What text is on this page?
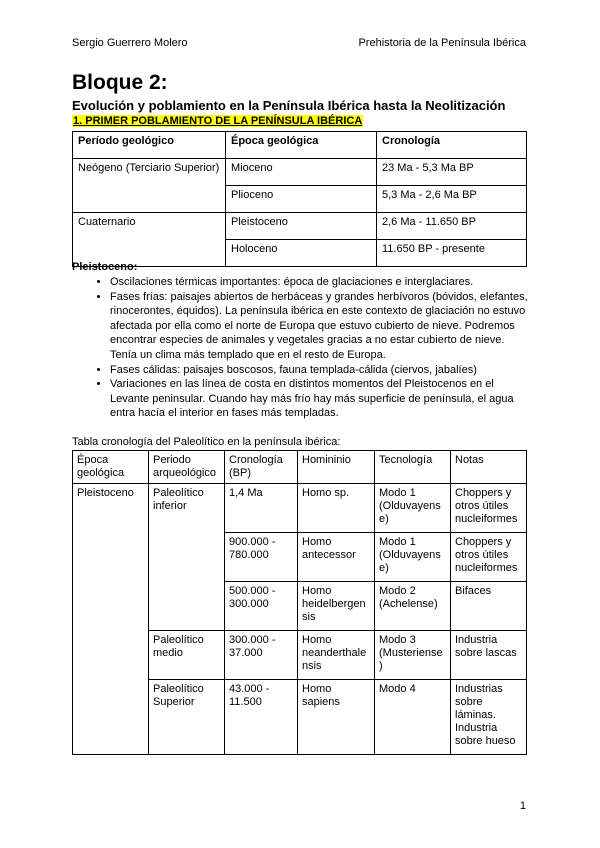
Sergio Guerrero Molero	Prehistoria de la Península Ibérica
Bloque 2:
Evolución y poblamiento en la Península Ibérica hasta la Neolitización
1. PRIMER POBLAMIENTO DE LA PENÍNSULA IBÉRICA
Período geológico	Época geológica	Cronología
Neógeno (Terciario Superior)	Mioceno	23 Ma - 5,3 Ma BP
	Plioceno	5,3 Ma - 2,6 Ma BP
Cuaternario	Pleistoceno	2,6 Ma - 11.650 BP
	Holoceno	11.650 BP - presente
Pleistoceno:
• Oscilaciones térmicas importantes: época de glaciaciones e interglaciares.
• Fases frías: paisajes abiertos de herbáceas y grandes herbívoros (bóvidos, elefantes, rinocerontes, équidos). La península ibérica en este contexto de glaciación no estuvo afectada por ella como el norte de Europa que estuvo cubierto de nieve. Podremos encontrar especies de animales y vegetales gracias a no estar cubierto de nieve. Tenía un clima más templado que en el resto de Europa.
• Fases cálidas: paisajes boscosos, fauna templada-cálida (ciervos, jabalíes)
• Variaciones en las línea de costa en distintos momentos del Pleistocenos en el Levante peninsular. Cuando hay más frío hay más superficie de península, el agua entra hacía el interior en fases más templadas.
Tabla cronología del Paleolítico en la península ibérica:
Época geológica	Periodo arqueológico	Cronología (BP)	Homininio	Tecnología	Notas
Pleistoceno	Paleolítico inferior	1,4 Ma	Homo sp.	Modo 1 (Olduvayense)	Choppers y otros útiles nucleiformes
		900.000 - 780.000	Homo antecessor	Modo 1 (Olduvayense)	Choppers y otros útiles nucleiformes
		500.000 - 300.000	Homo heidelbergensis	Modo 2 (Achelense)	Bifaces
	Paleolítico medio	300.000 - 37.000	Homo neanderthalensis	Modo 3 (Musteriense)	Industria sobre lascas
	Paleolítico Superior	43.000 - 11.500	Homo sapiens	Modo 4	Industrias sobre láminas. Industria sobre hueso
1
